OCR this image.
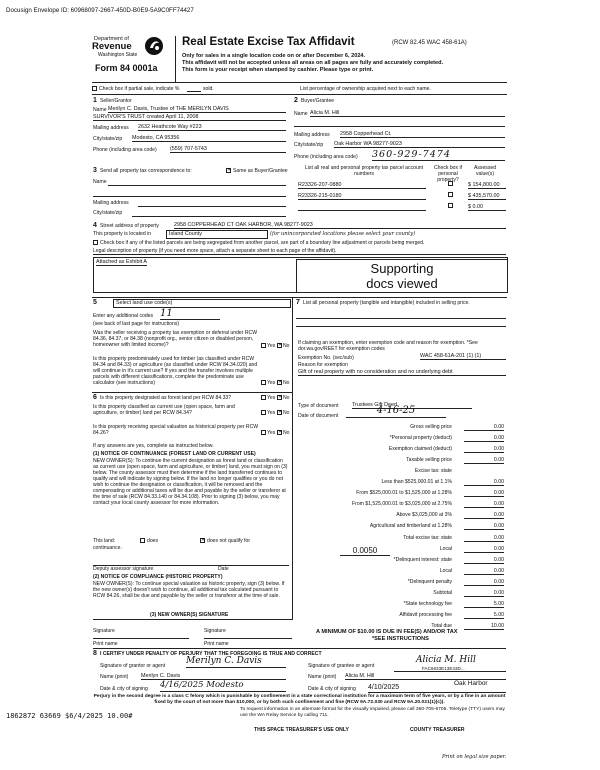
Docusign Envelope ID: 60968097-2667-450D-B0E9-5A9C0FF74427
Department of
Revenue
Washington State
Form 84 0001a
Real Estate Excise Tax Affidavit	(RCW 82.45 WAC 458-61A)
Only for sales in a single location code on or after December 6, 2024.
This affidavit will not be accepted unless all areas on all pages are fully and accurately completed.
This form is your receipt when stamped by cashier. Please type or print.
Check box if partial sale, indicate %	sold.	List percentage of ownership acquired next to each name.
1 Seller/Grantor
Name Merilyn C. Davis, Trustee of THE MERILYN DAVIS
SURVIVOR'S TRUST created April 11, 2008
Mailing address 2632 Heathcote Way #223
City/state/zip Modesto, CA 95356
Phone (including area code) (559) 707-5743
2 Buyer/Grantee
Name Alicia M. Hill
Mailing address 2958 Copperhead Ct.
City/state/zip Oak Harbor WA 98277-9023
Phone (including area code) 360-929-7474
3 Send all property tax correspondence to: ✕	Same as Buyer/Grantee
Name
Mailing address
City/state/zip
List all real and personal property tax parcel account numbers
Check box if personal property?
Assessed value(s)
R23326-207-0880	$ 154,800.00
R23326-215-0180	$ 435,570.00
$ 0.00
4 Street address of property	2958 COPPERHEAD CT OAK HARBOR, WA 98277-9023
This property is located in	Island County	(for unincorporated locations please select your county)
Check box if any of the listed parcels are being segregated from another parcel, are part of a boundary line adjustment or parcels being merged.
Legal description of property (if you need more space, attach a separate sheet to each page of the affidavit).
Attached as Exhibit A	Supporting
docs viewed
5	Select land use code(s)
Enter any additional codes 11
(see back of last page for instructions)
Was the seller receiving a property tax exemption or deferral under RCW 84.36, 84.37, or 84.38 (nonprofit org., senior citizen or disabled person, homeowner with limited income)?	Yes ✕ No
Is this property predominately used for timber (as classified under RCW 84.34 and 84.33) or agriculture (as classified under RCW 84.34.020) and will continue in it's current use? If yes and the transfer involves multiple parcels with different classifications, complete the predominate use calculator (see instructions)	Yes ✕ No
6 Is this property designated as forest land per RCW 84.33?	Yes ✕ No
Is this property classified as current use (open space, farm and agriculture, or timber) land per RCW 84.34?	Yes ✕ No
Is this property receiving special valuation as historical property per RCW 84.26?	Yes ✕ No
If any answers are yes, complete as instructed below.
(1) NOTICE OF CONTINUANCE (FOREST LAND OR CURRENT USE)
NEW OWNER(S): To continue the current designation as forest land or classification as current use (open space, farm and agriculture, or timber) land, you must sign on (3) below. The county assessor must then determine if the land transferred continues to qualify and will indicate by signing below. If the land no longer qualifies or you do not wish to continue the designation or classification, it will be removed and the compensating or additional taxes will be due and payable by the seller or transferor at the time of sale (RCW 84.33.140 or 84.34.108). Prior to signing (3) below, you may contact your local county assessor for more information.
This land:	does ✕	does not qualify for
continuance.
Deputy assessor signature	Date
(2) NOTICE OF COMPLIANCE (HISTORIC PROPERTY)
NEW OWNER(S): To continue special valuation as historic property, sign (3) below. If the new owner(s) doesn't wish to continue, all additional tax calculated pursuant to RCW 84.26, shall be due and payable by the seller or transferor at the time of sale.
(3) NEW OWNER(S) SIGNATURE
7 List all personal property (tangible and intangible) included in selling price.
If claiming an exemption, enter exemption code and reason for exemption. *See dor.wa.gov/REET for exemption codes
Exemption No. (sec/sub)	WAC 458-61A-201 (1) (1)
Reason for exemption
Gift of real property with no consideration and no underlying debt
Type of document	Trustees Gift Deed
Date of document	4-16-25
Gross selling price	0.00
*Personal property (deduct)	0.00
Exemption claimed (deduct)	0.00
Taxable selling price	0.00
Excise tax: state
Less than $525,000.01 at 1.1%	0.00
From $525,000.01 to $1,525,000 at 1.28%	0.00
From $1,525,000.01 to $3,025,000 at 2.75%	0.00
Above $3,025,000 at 3%	0.00
Agricultural and timberland at 1.28%	0.00
Total excise tax: state	0.00
Local	0.00
*Delinquent interest: state	0.00
Local	0.00
*Delinquent penalty	0.00
Subtotal	0.00
*State technology fee	5.00
Affidavit processing fee	5.00
Total due	10.00
0.0050
A MINIMUM OF $10.00 IS DUE IN FEE(S) AND/OR TAX
*SEE INSTRUCTIONS
Signature	Signature
Print name	Print name
8 I CERTIFY UNDER PENALTY OF PERJURY THAT THE FOREGOING IS TRUE AND CORRECT
Signature of grantor or agent Merilyn C. Davis
Name (print) Merilyn C. Davis
Date & city of signing 4/16/2025 Modesto
Signature of grantee or agent
Alicia M. Hill
FAC6633E13E43D...
Name (print) Alicia M. Hill
Date & city of signing 4/10/2025
Oak Harbor
Perjury in the second degree is a class C felony which is punishable by confinement in a state correctional institution for a maximum term of five years, or by a fine in an amount fixed by the court of not more than $10,000, or by both such confinement and fine (RCW 9A.72.030 and RCW 9A.20.021(1)(c)).
To request information in an alternate format for the visually impaired, please call 360-705-6705. Teletype (TTY) users may use the WA Relay Service by calling 711.
1862872 63669 $6/4/2025 10.00#
THIS SPACE TREASURER'S USE ONLY	COUNTY TREASURER
Print on legal size paper.
